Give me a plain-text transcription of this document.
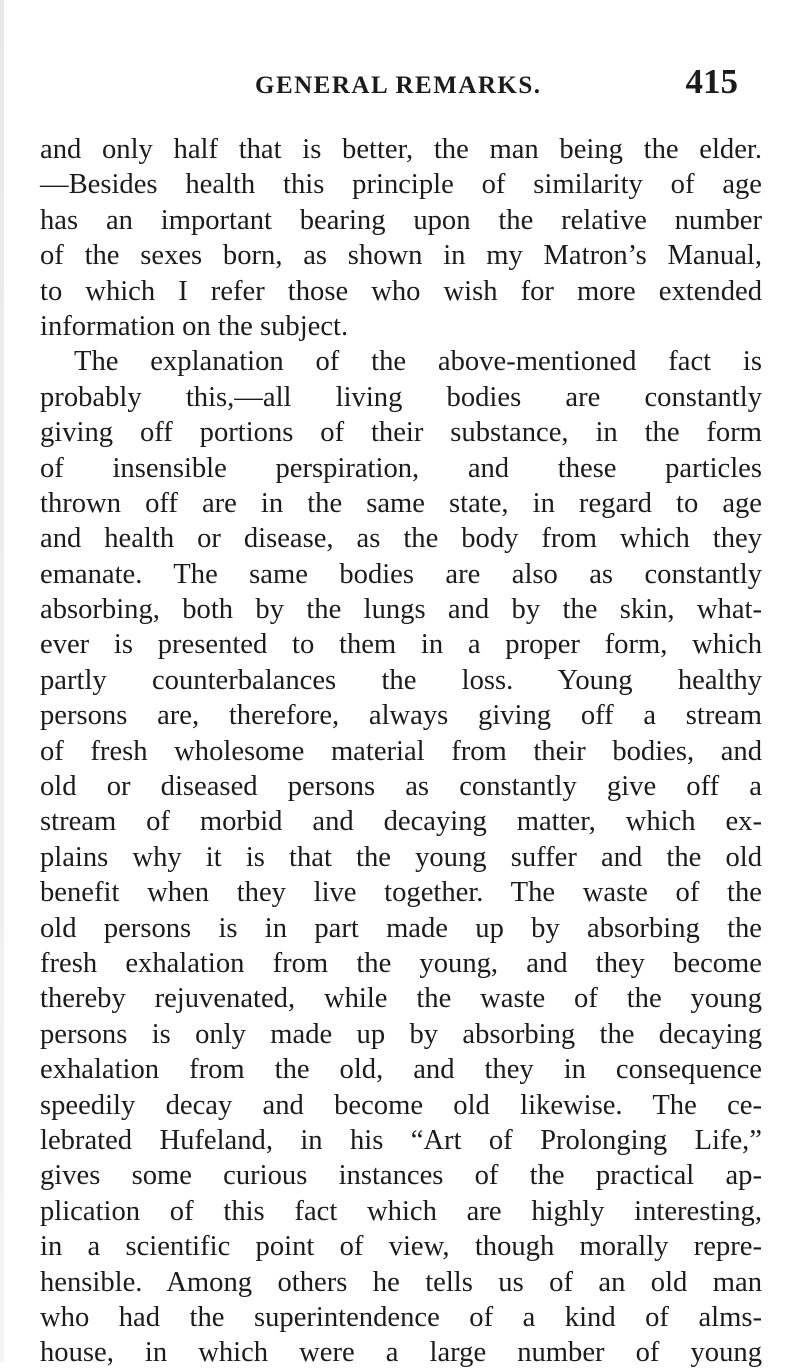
GENERAL REMARKS.	415
and only half that is better, the man being the elder.
—Besides health this principle of similarity of age
has an important bearing upon the relative number
of the sexes born, as shown in my Matron’s Manual,
to which I refer those who wish for more extended
information on the subject.
The explanation of the above-mentioned fact is
probably this,—all living bodies are constantly
giving off portions of their substance, in the form
of insensible perspiration, and these particles
thrown off are in the same state, in regard to age
and health or disease, as the body from which they
emanate. The same bodies are also as constantly
absorbing, both by the lungs and by the skin, what-
ever is presented to them in a proper form, which
partly counterbalances the loss. Young healthy
persons are, therefore, always giving off a stream
of fresh wholesome material from their bodies, and
old or diseased persons as constantly give off a
stream of morbid and decaying matter, which ex-
plains why it is that the young suffer and the old
benefit when they live together. The waste of the
old persons is in part made up by absorbing the
fresh exhalation from the young, and they become
thereby rejuvenated, while the waste of the young
persons is only made up by absorbing the decaying
exhalation from the old, and they in consequence
speedily decay and become old likewise. The ce-
lebrated Hufeland, in his “Art of Prolonging Life,”
gives some curious instances of the practical ap-
plication of this fact which are highly interesting,
in a scientific point of view, though morally repre-
hensible. Among others he tells us of an old man
who had the superintendence of a kind of alms-
house, in which were a large number of young
